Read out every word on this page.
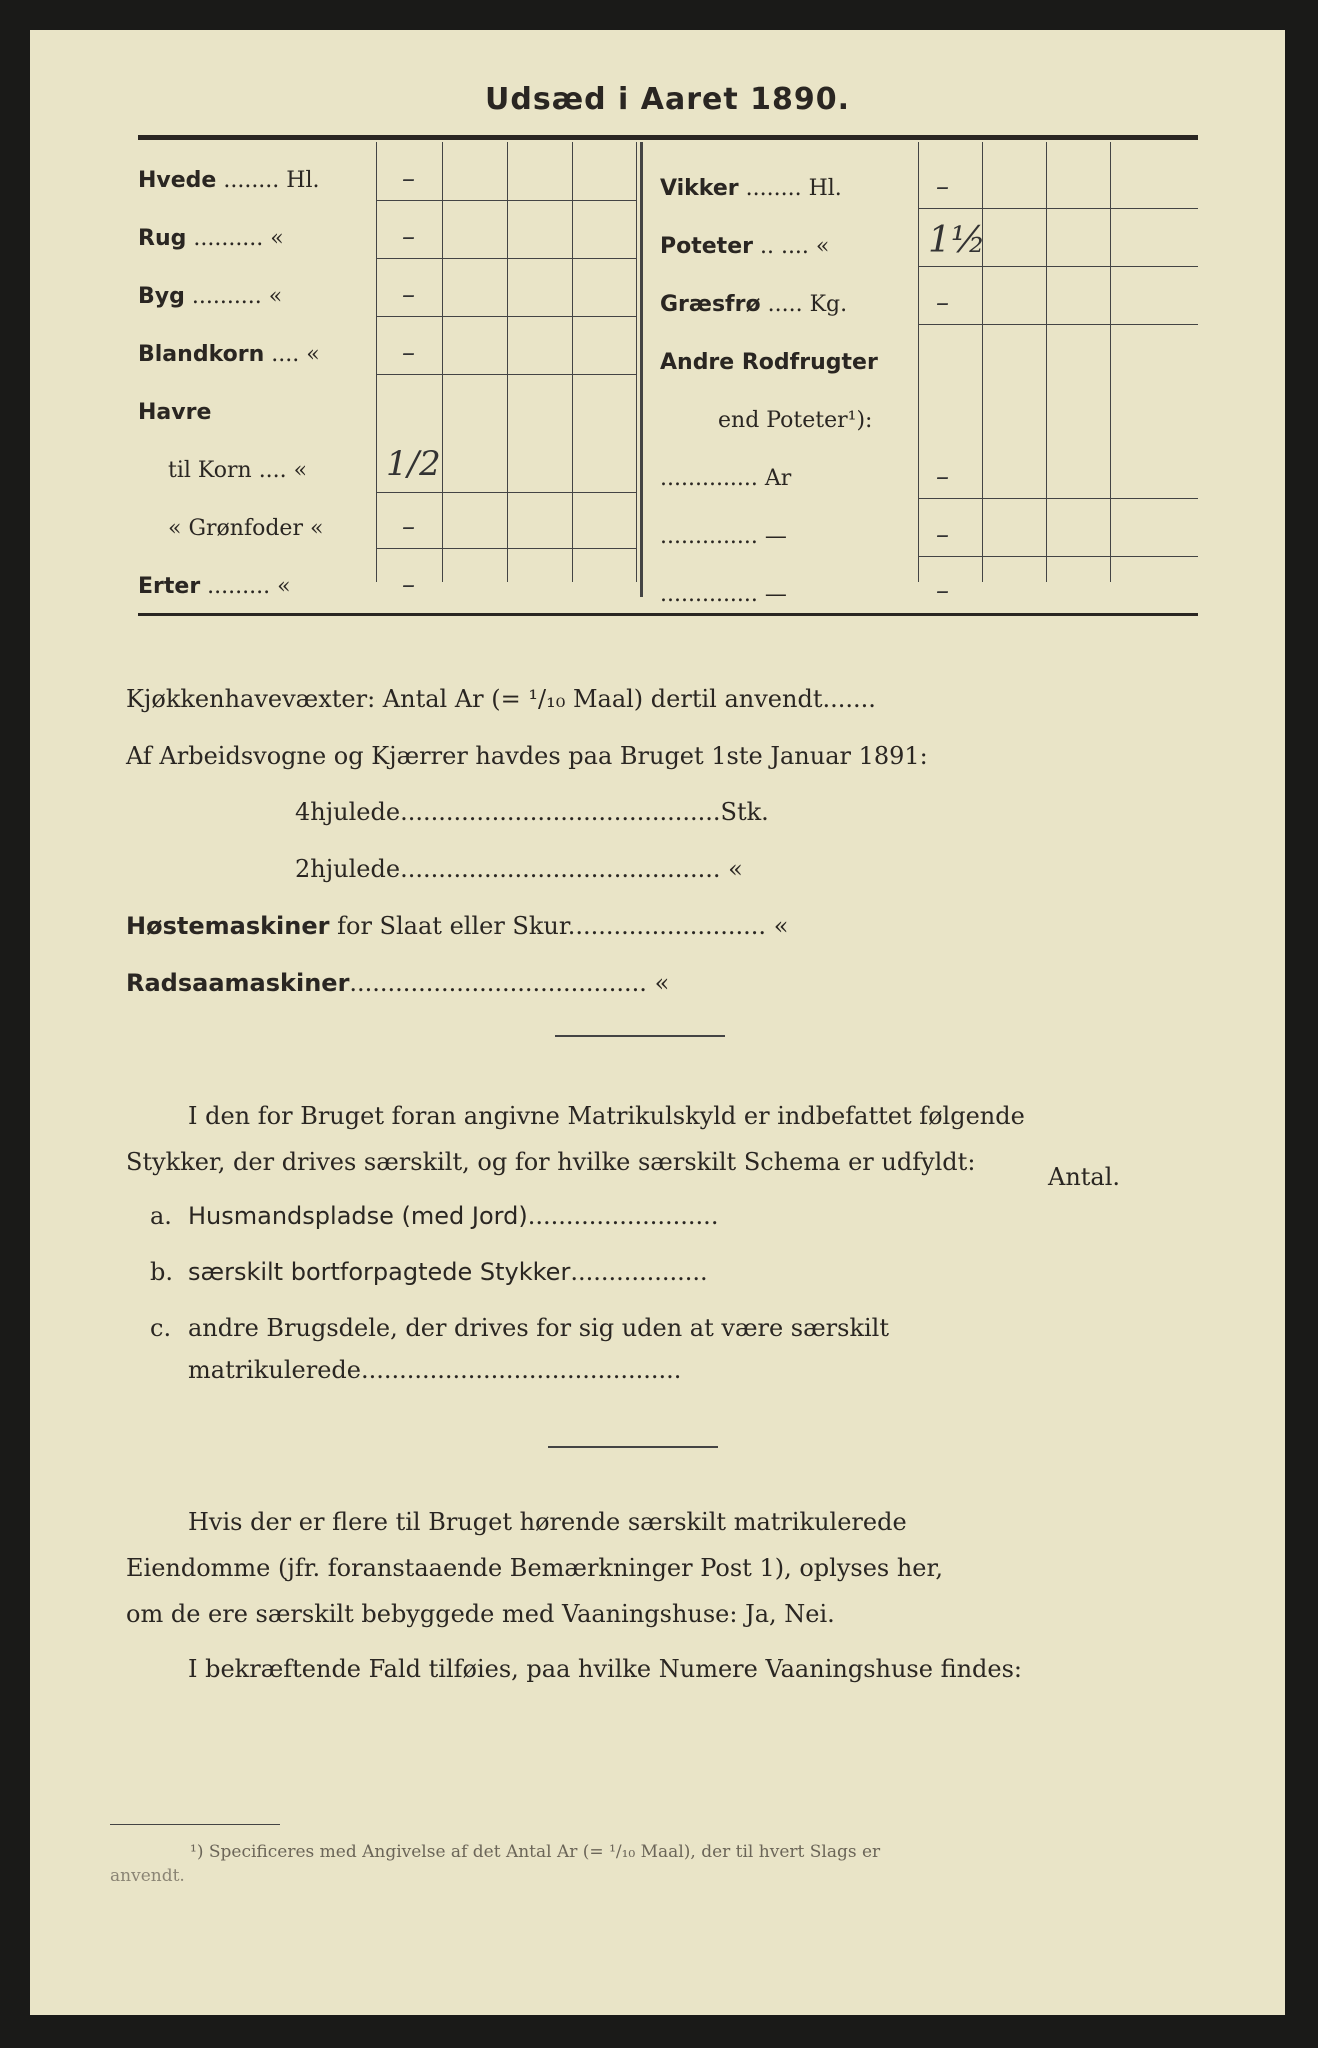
Udsæd i Aaret 1890.
Hvede ........ Hl.	–
Rug .......... «	–
Byg .......... «	–
Blandkorn .... «	–
Havre
til Korn .... « 1/2
« Grønfoder «	–
Erter ......... «	–
Vikker ........ Hl.	–
Poteter .. .... «	1½
Græsfrø ..... Kg.	–
Andre Rodfrugter
end Poteter¹):
.............. Ar	–
.............. —	–
.............. —	–
Kjøkkenhavevæxter: Antal Ar (= ¹/₁₀ Maal) dertil anvendt.......
Af Arbeidsvogne og Kjærrer havdes paa Bruget 1ste Januar 1891:
4hjulede..........................................Stk.
2hjulede.......................................... «
Høstemaskiner for Slaat eller Skur.......................... «
Radsaamaskiner....................................... «
I den for Bruget foran angivne Matrikulskyld er indbefattet følgende
Stykker, der drives særskilt, og for hvilke særskilt Schema er udfyldt:
Antal.
a. Husmandspladse (med Jord).........................
b. særskilt bortforpagtede Stykker..................
c. andre Brugsdele, der drives for sig uden at være særskilt
matrikulerede..........................................
Hvis der er flere til Bruget hørende særskilt matrikulerede
Eiendomme (jfr. foranstaaende Bemærkninger Post 1), oplyses her,
om de ere særskilt bebyggede med Vaaningshuse: Ja, Nei.
I bekræftende Fald tilføies, paa hvilke Numere Vaaningshuse findes:
¹) Specificeres med Angivelse af det Antal Ar (= ¹/₁₀ Maal), der til hvert Slags er
anvendt.
